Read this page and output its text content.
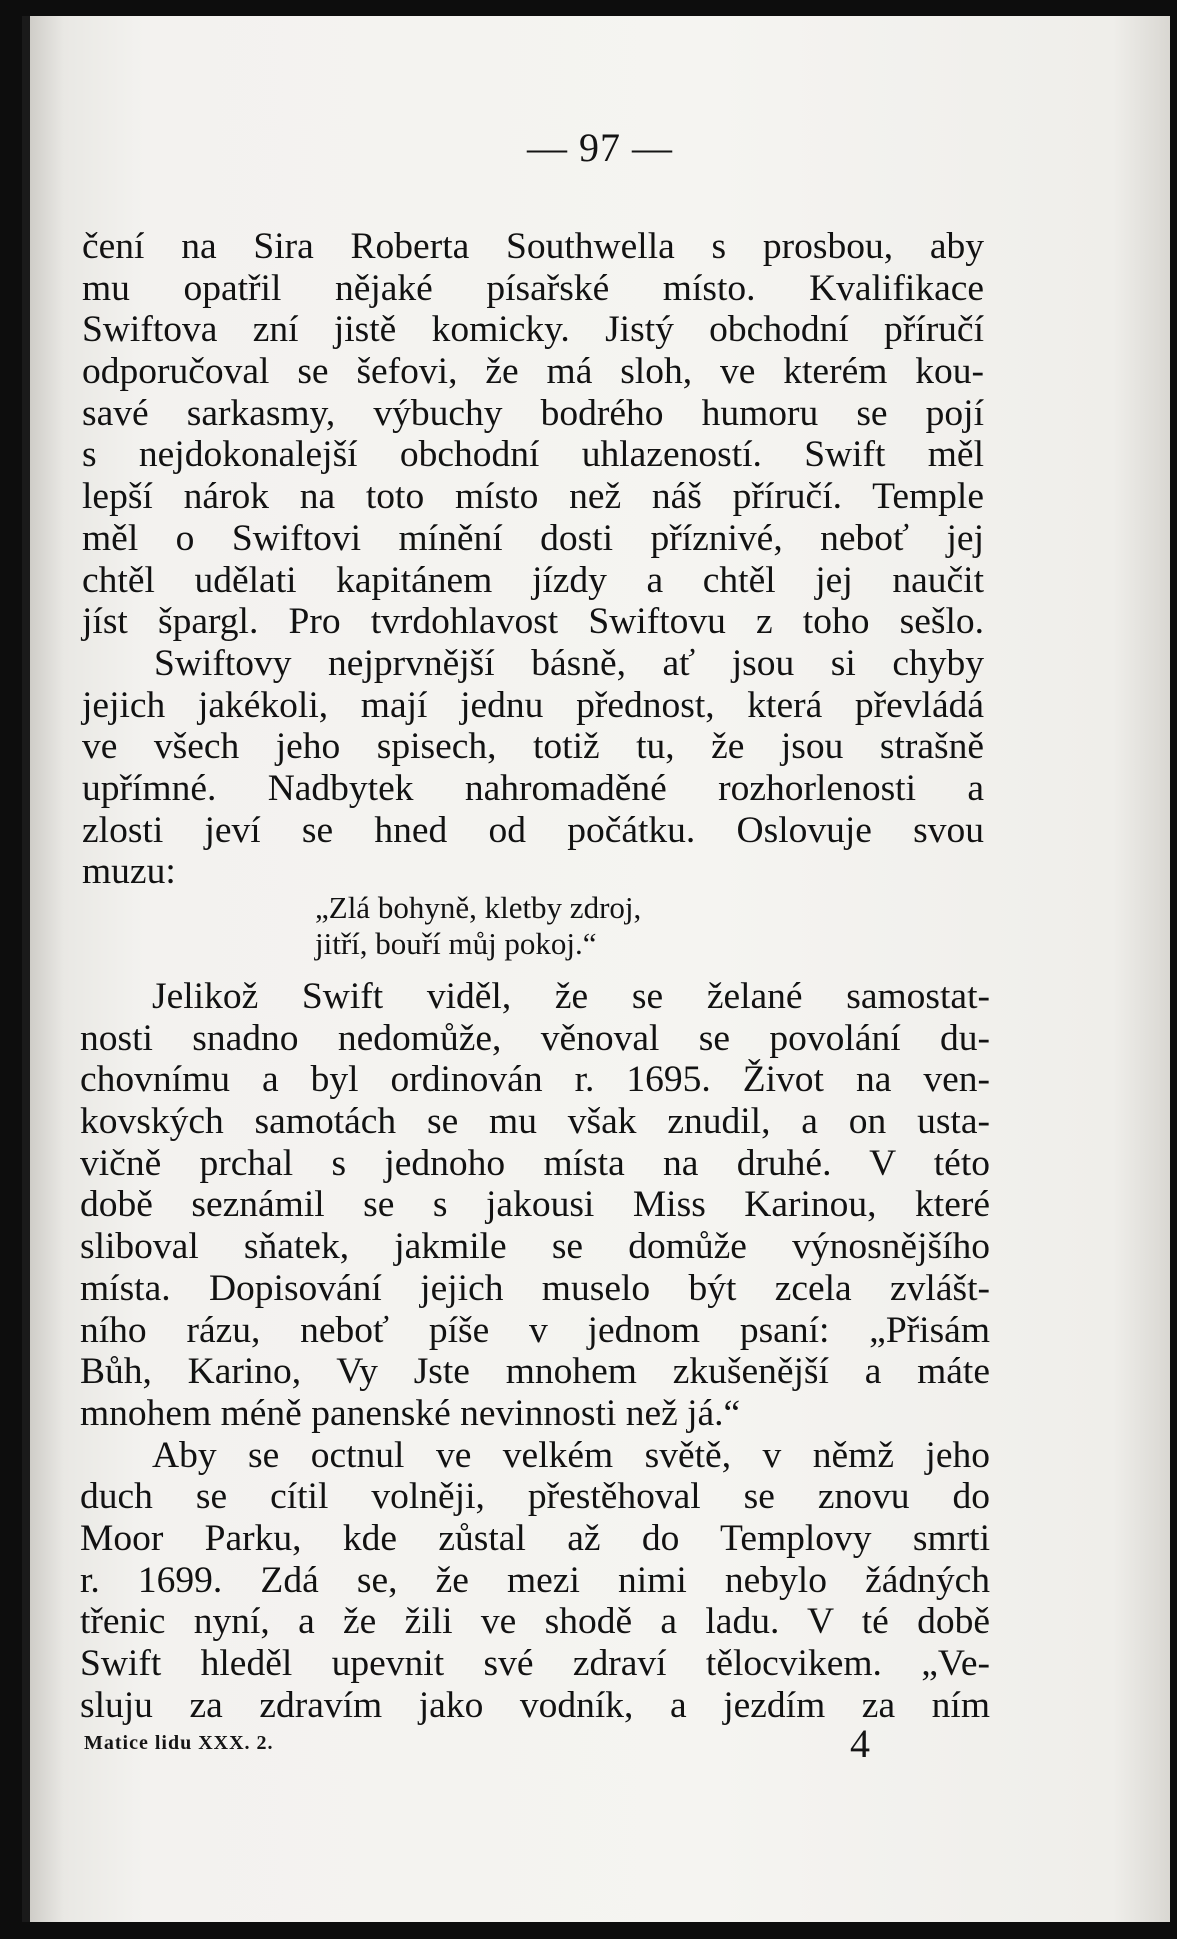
— 97 —
čení na Sira Roberta Southwella s prosbou, aby
mu opatřil nějaké písařské místo. Kvalifikace
Swiftova zní jistě komicky. Jistý obchodní příručí
odporučoval se šefovi, že má sloh, ve kterém kou-
savé sarkasmy, výbuchy bodrého humoru se pojí
s nejdokonalejší obchodní uhlazeností. Swift měl
lepší nárok na toto místo než náš příručí. Temple
měl o Swiftovi mínění dosti příznivé, neboť jej
chtěl udělati kapitánem jízdy a chtěl jej naučit
jíst špargl. Pro tvrdohlavost Swiftovu z toho sešlo.
Swiftovy nejprvnější básně, ať jsou si chyby
jejich jakékoli, mají jednu přednost, která převládá
ve všech jeho spisech, totiž tu, že jsou strašně
upřímné. Nadbytek nahromaděné rozhorlenosti a
zlosti jeví se hned od počátku. Oslovuje svou
muzu:
„Zlá bohyně, kletby zdroj,
jitří, bouří můj pokoj.“
Jelikož Swift viděl, že se želané samostat-
nosti snadno nedomůže, věnoval se povolání du-
chovnímu a byl ordinován r. 1695. Život na ven-
kovských samotách se mu však znudil, a on usta-
vičně prchal s jednoho místa na druhé. V této
době seznámil se s jakousi Miss Karinou, které
sliboval sňatek, jakmile se domůže výnosnějšího
místa. Dopisování jejich muselo být zcela zvlášt-
ního rázu, neboť píše v jednom psaní: „Přisám
Bůh, Karino, Vy Jste mnohem zkušenější a máte
mnohem méně panenské nevinnosti než já.“
Aby se octnul ve velkém světě, v němž jeho
duch se cítil volněji, přestěhoval se znovu do
Moor Parku, kde zůstal až do Templovy smrti
r. 1699. Zdá se, že mezi nimi nebylo žádných
třenic nyní, a že žili ve shodě a ladu. V té době
Swift hleděl upevnit své zdraví tělocvikem. „Ve-
sluju za zdravím jako vodník, a jezdím za ním
Matice lidu XXX. 2.	4
